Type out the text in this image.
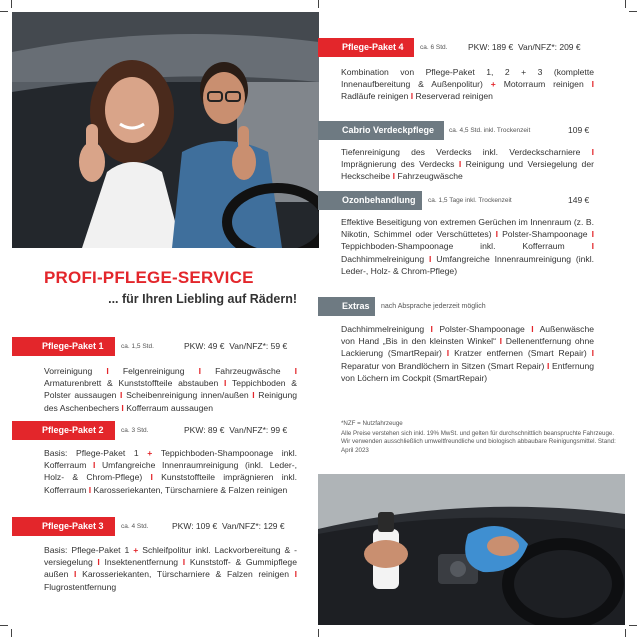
PROFI-PFLEGE-SERVICE
... für Ihren Liebling auf Rädern!
Pflege-Paket 1	ca. 1,5 Std.	PKW: 49 € Van/NFZ*: 59 €
Vorreinigung I Felgenreinigung I Fahrzeugwäsche I Armaturenbrett & Kunststoffteile abstauben I Teppichboden & Polster aussaugen I Scheibenreinigung innen/außen I Reinigung des Aschenbechers I Kofferraum aussaugen
Pflege-Paket 2	ca. 3 Std.	PKW: 89 € Van/NFZ*: 99 €
Basis: Pflege-Paket 1 + Teppichboden-Shampoonage inkl. Kofferraum I Umfangreiche Innenraumreinigung (inkl. Leder-, Holz- & Chrom-Pflege) I Kunststoffteile imprägnieren inkl. Kofferraum I Karosseriekanten, Türscharniere & Falzen reinigen
Pflege-Paket 3	ca. 4 Std.	PKW: 109 € Van/NFZ*: 129 €
Basis: Pflege-Paket 1 + Schleifpolitur inkl. Lackvorbereitung & -versiegelung I Insektenentfernung I Kunststoff- & Gummipflege außen I Karosseriekanten, Türscharniere & Falzen reinigen I Flugrostentfernung
Pflege-Paket 4	ca. 6 Std. PKW: 189 € Van/NFZ*: 209 €
Kombination von Pflege-Paket 1, 2 + 3 (komplette Innenaufbereitung & Außenpolitur) + Motorraum reinigen I Radläufe reinigen I Reserverad reinigen
Cabrio Verdeckpflege	ca. 4,5 Std. inkl. Trockenzeit	109 €
Tiefenreinigung des Verdecks inkl. Verdeckscharniere I Imprägnierung des Verdecks I Reinigung und Versiegelung der Heckscheibe I Fahrzeugwäsche
Ozonbehandlung	ca. 1,5 Tage inkl. Trockenzeit	149 €
Effektive Beseitigung von extremen Gerüchen im Innenraum (z. B. Nikotin, Schimmel oder Verschüttetes) I Polster-Shampoonage I Teppichboden-Shampoonage inkl. Kofferraum	I Dachhimmelreinigung I Umfangreiche Innenraumreinigung (inkl. Leder-, Holz- & Chrom-Pflege)
Extras	nach Absprache jederzeit möglich
Dachhimmelreinigung I Polster-Shampoonage I Außenwäsche von Hand „Bis in den kleinsten Winkel“ I Dellenentfernung ohne Lackierung (SmartRepair) I Kratzer entfernen (Smart Repair) I Reparatur von Brandlöchern in Sitzen (Smart Repair) I Entfernung von Löchern im Cockpit (SmartRepair)
*NZF = Nutzfahrzeuge
Alle Preise verstehen sich inkl. 19% MwSt. und gelten für durchschnittlich beanspruchte Fahrzeuge. Wir verwenden ausschließlich umweltfreundliche und biologisch abbaubare Reinigungsmittel. Stand: April 2023
